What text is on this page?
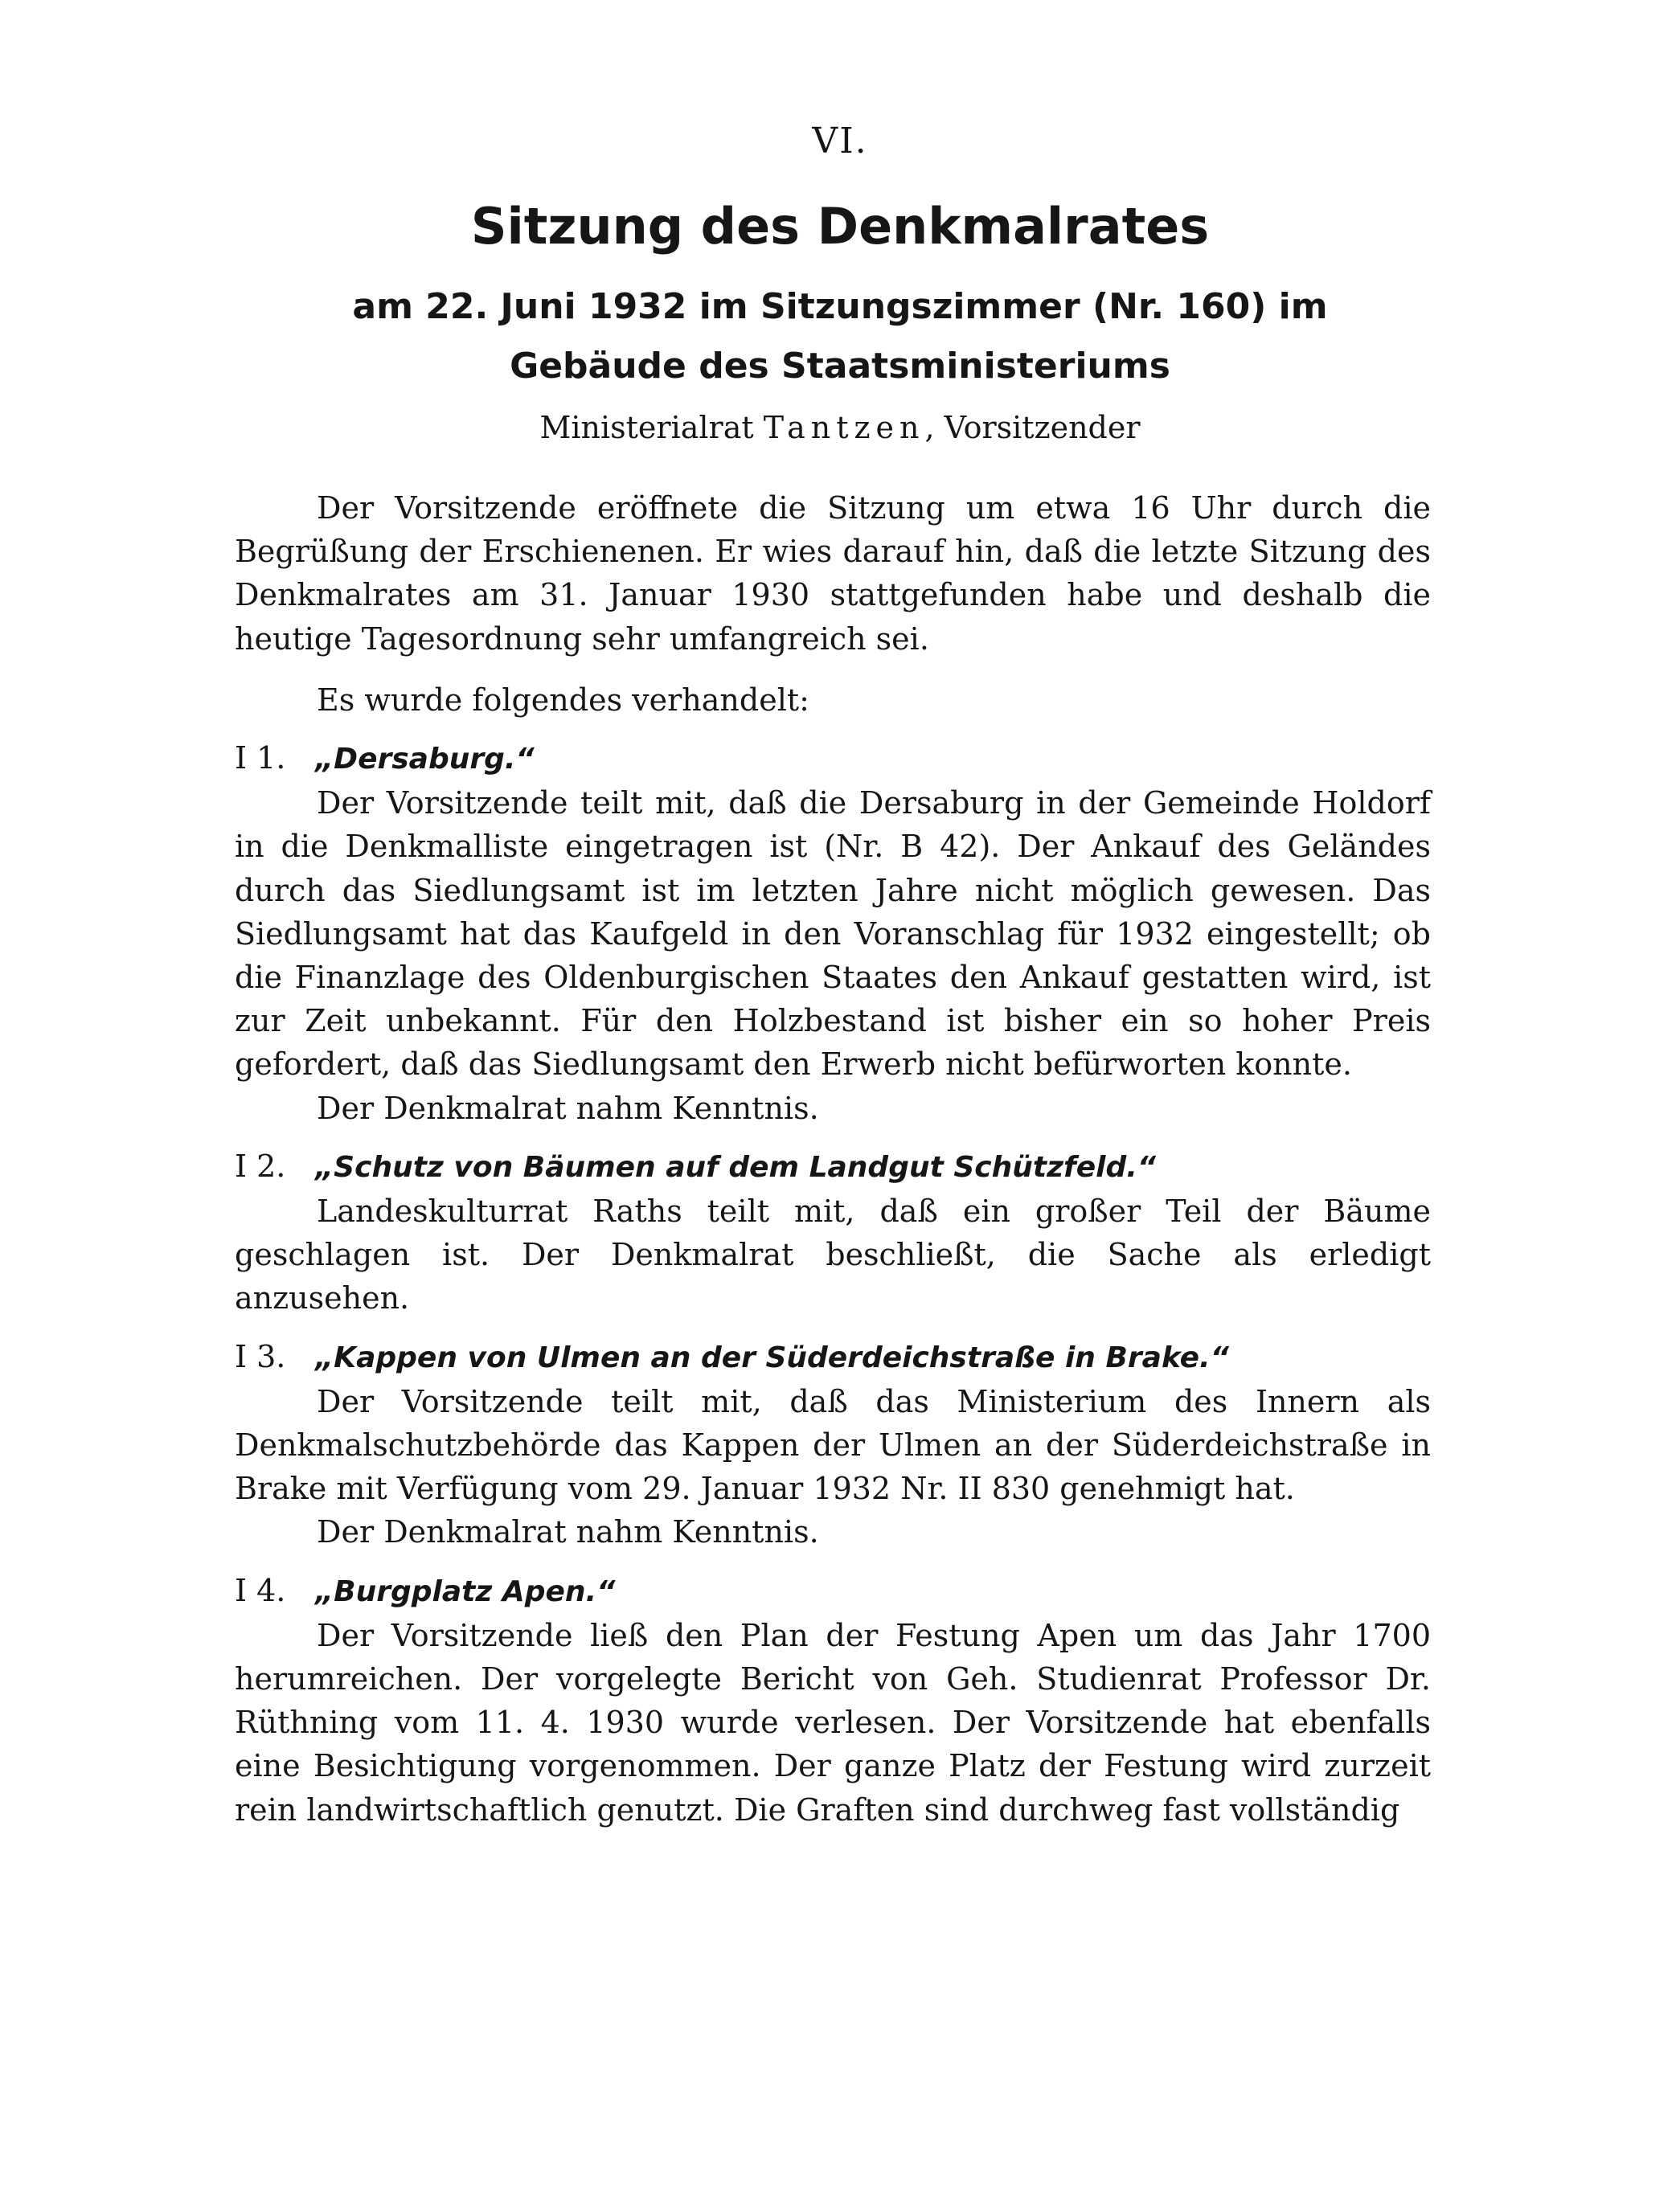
VI.
Sitzung des Denkmalrates
am 22. Juni 1932 im Sitzungszimmer (Nr. 160) im Gebäude des Staatsministeriums
Ministerialrat Tantzen, Vorsitzender

Der Vorsitzende eröffnete die Sitzung um etwa 16 Uhr durch die Begrüßung der Erschienenen. Er wies darauf hin, daß die letzte Sitzung des Denkmalrates am 31. Januar 1930 stattgefunden habe und deshalb die heutige Tagesordnung sehr umfangreich sei.

Es wurde folgendes verhandelt:

I 1. „Dersaburg.“

Der Vorsitzende teilt mit, daß die Dersaburg in der Gemeinde Holdorf in die Denkmalliste eingetragen ist (Nr. B 42). Der Ankauf des Geländes durch das Siedlungsamt ist im letzten Jahre nicht möglich gewesen. Das Siedlungsamt hat das Kaufgeld in den Voranschlag für 1932 eingestellt; ob die Finanzlage des Oldenburgischen Staates den Ankauf gestatten wird, ist zur Zeit unbekannt. Für den Holzbestand ist bisher ein so hoher Preis gefordert, daß das Siedlungsamt den Erwerb nicht befürworten konnte.

Der Denkmalrat nahm Kenntnis.

I 2. „Schutz von Bäumen auf dem Landgut Schützfeld.“

Landeskulturrat Raths teilt mit, daß ein großer Teil der Bäume geschlagen ist. Der Denkmalrat beschließt, die Sache als erledigt anzusehen.

I 3. „Kappen von Ulmen an der Süderdeichstraße in Brake.“

Der Vorsitzende teilt mit, daß das Ministerium des Innern als Denkmalschutzbehörde das Kappen der Ulmen an der Süderdeichstraße in Brake mit Verfügung vom 29. Januar 1932 Nr. II 830 genehmigt hat.

Der Denkmalrat nahm Kenntnis.

I 4. „Burgplatz Apen.“

Der Vorsitzende ließ den Plan der Festung Apen um das Jahr 1700 herumreichen. Der vorgelegte Bericht von Geh. Studienrat Professor Dr. Rüthning vom 11. 4. 1930 wurde verlesen. Der Vorsitzende hat ebenfalls eine Besichtigung vorgenommen. Der ganze Platz der Festung wird zurzeit rein landwirtschaftlich genutzt. Die Graften sind durchweg fast vollständig
